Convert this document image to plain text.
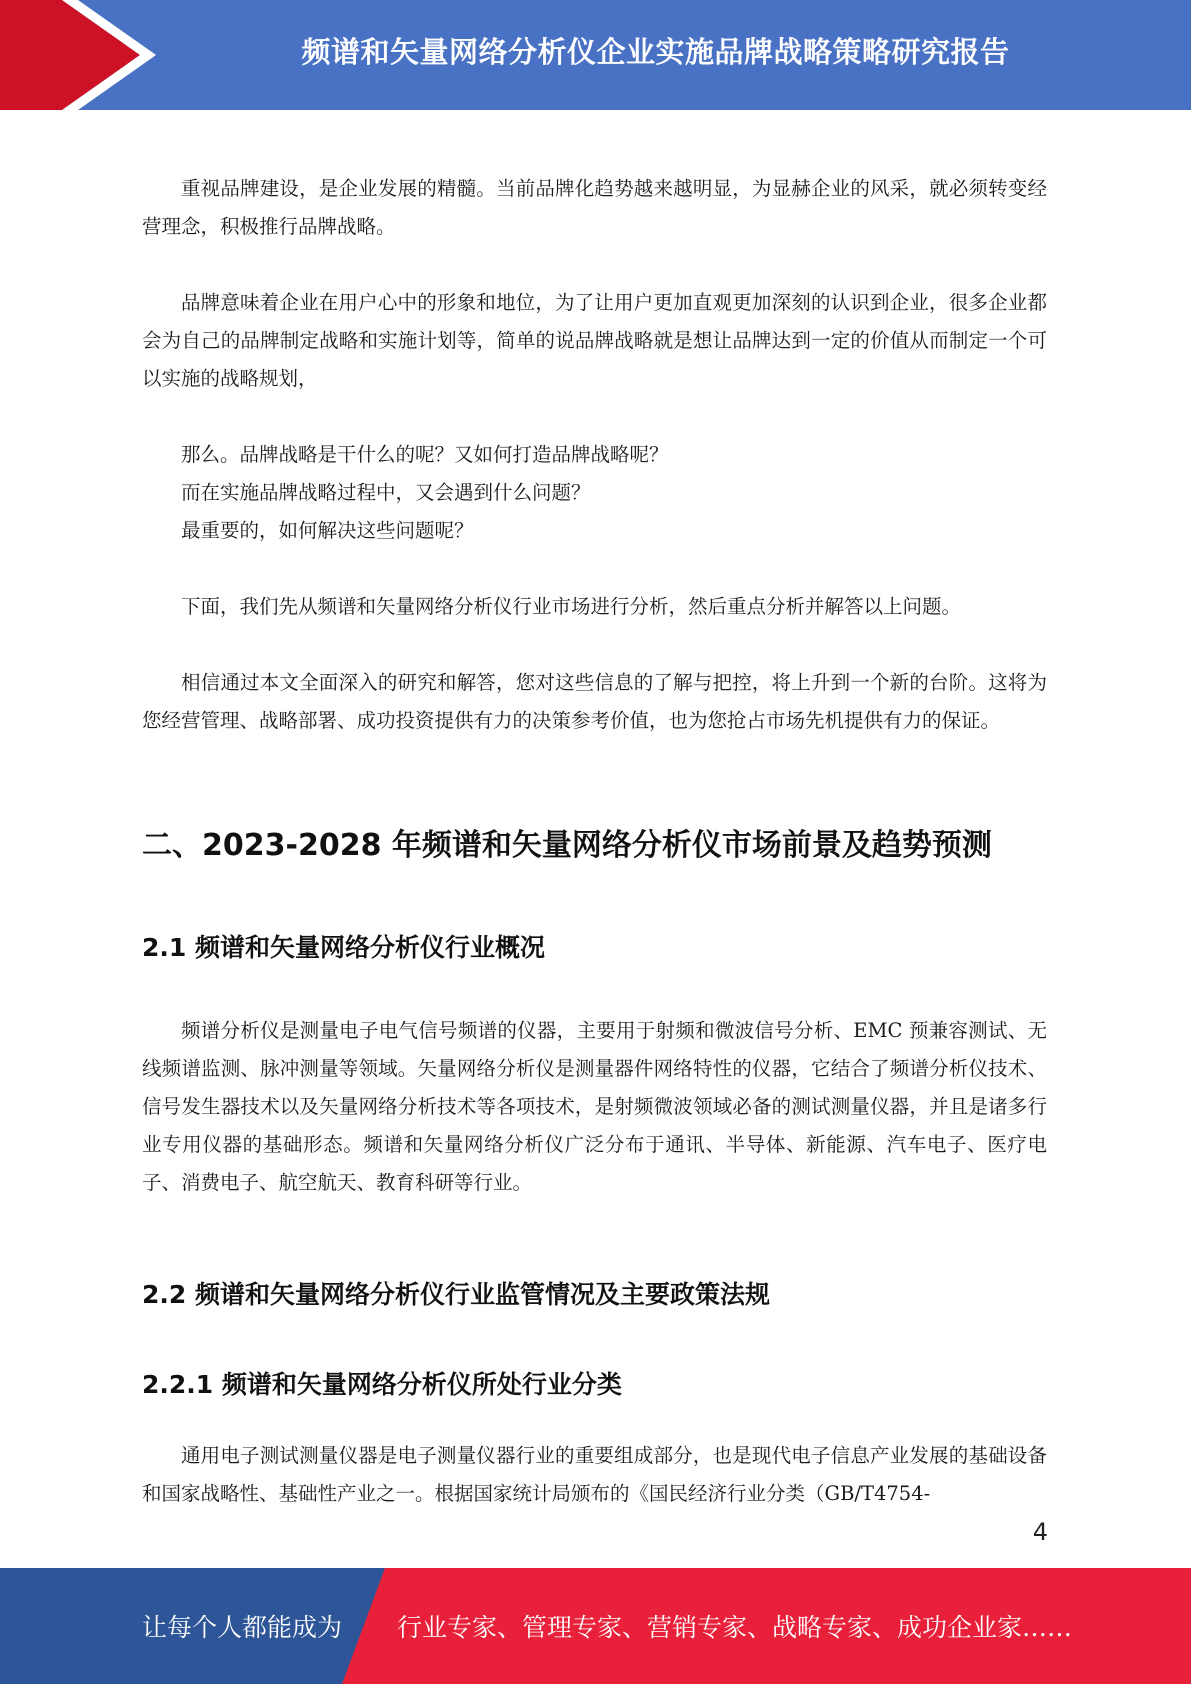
频谱和矢量网络分析仪企业实施品牌战略策略研究报告

重视品牌建设，是企业发展的精髓。当前品牌化趋势越来越明显，为显赫企业的风采，就必须转变经营理念，积极推行品牌战略。

品牌意味着企业在用户心中的形象和地位，为了让用户更加直观更加深刻的认识到企业，很多企业都会为自己的品牌制定战略和实施计划等，简单的说品牌战略就是想让品牌达到一定的价值从而制定一个可以实施的战略规划，

那么。品牌战略是干什么的呢？又如何打造品牌战略呢？

而在实施品牌战略过程中，又会遇到什么问题？

最重要的，如何解决这些问题呢？

下面，我们先从频谱和矢量网络分析仪行业市场进行分析，然后重点分析并解答以上问题。

相信通过本文全面深入的研究和解答，您对这些信息的了解与把控，将上升到一个新的台阶。这将为您经营管理、战略部署、成功投资提供有力的决策参考价值，也为您抢占市场先机提供有力的保证。

二、2023-2028 年频谱和矢量网络分析仪市场前景及趋势预测
2.1 频谱和矢量网络分析仪行业概况

频谱分析仪是测量电子电气信号频谱的仪器，主要用于射频和微波信号分析、EMC 预兼容测试、无线频谱监测、脉冲测量等领域。矢量网络分析仪是测量器件网络特性的仪器，它结合了频谱分析仪技术、信号发生器技术以及矢量网络分析技术等各项技术，是射频微波领域必备的测试测量仪器，并且是诸多行业专用仪器的基础形态。频谱和矢量网络分析仪广泛分布于通讯、半导体、新能源、汽车电子、医疗电子、消费电子、航空航天、教育科研等行业。

2.2 频谱和矢量网络分析仪行业监管情况及主要政策法规
2.2.1 频谱和矢量网络分析仪所处行业分类

通用电子测试测量仪器是电子测量仪器行业的重要组成部分，也是现代电子信息产业发展的基础设备和国家战略性、基础性产业之一。根据国家统计局颁布的《国民经济行业分类（GB/T4754-

4
让每个人都能成为 行业专家、管理专家、营销专家、战略专家、成功企业家……
